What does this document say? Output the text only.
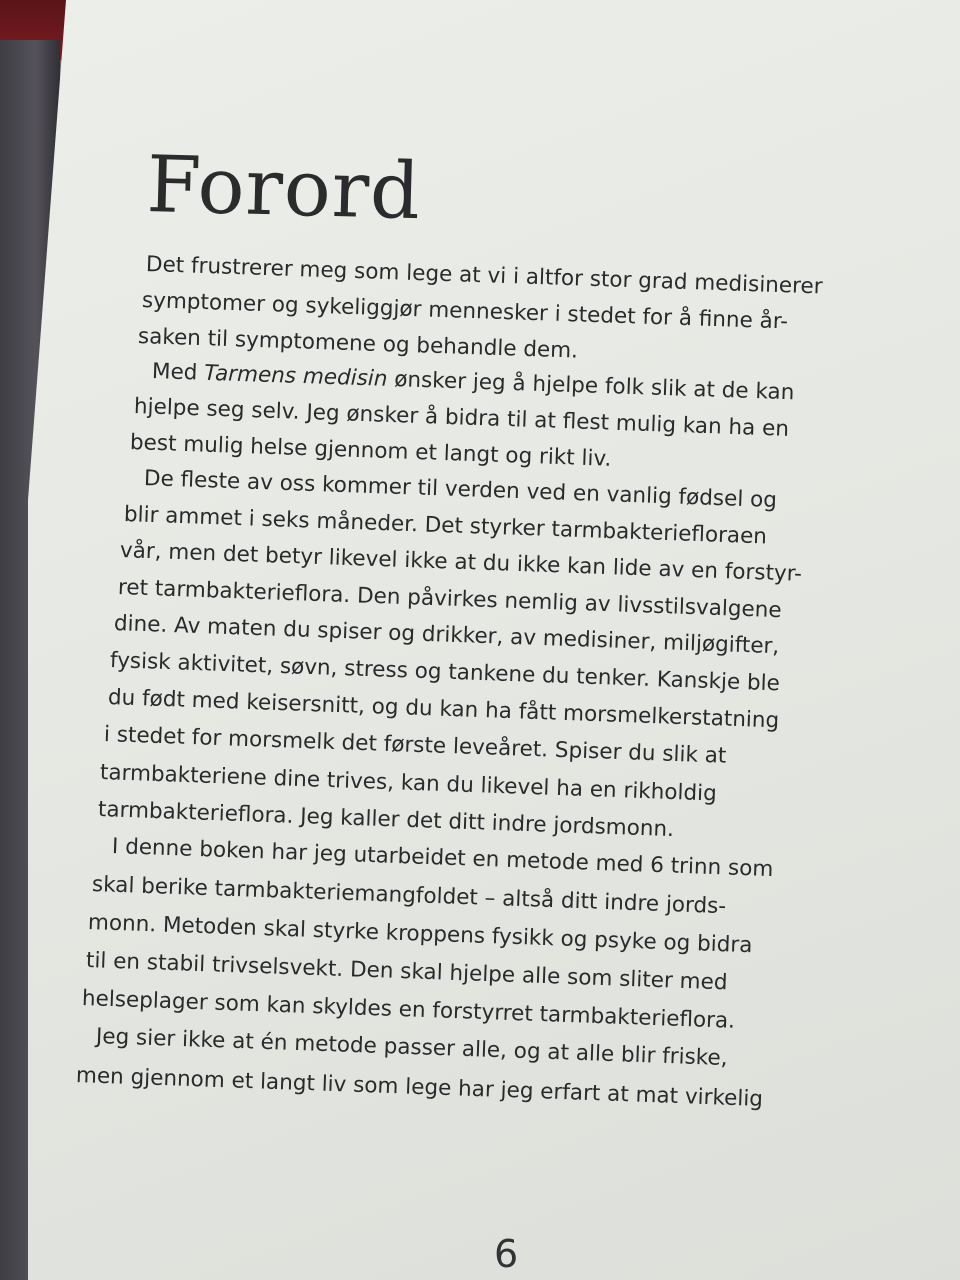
Forord
Det frustrerer meg som lege at vi i altfor stor grad medisinerer
symptomer og sykeliggjør mennesker i stedet for å finne år-
saken til symptomene og behandle dem.
Med Tarmens medisin ønsker jeg å hjelpe folk slik at de kan
hjelpe seg selv. Jeg ønsker å bidra til at flest mulig kan ha en
best mulig helse gjennom et langt og rikt liv.
De fleste av oss kommer til verden ved en vanlig fødsel og
blir ammet i seks måneder. Det styrker tarmbakteriefloraen
vår, men det betyr likevel ikke at du ikke kan lide av en forstyr-
ret tarmbakterieflora. Den påvirkes nemlig av livsstilsvalgene
dine. Av maten du spiser og drikker, av medisiner, miljøgifter,
fysisk aktivitet, søvn, stress og tankene du tenker. Kanskje ble
du født med keisersnitt, og du kan ha fått morsmelkerstatning
i stedet for morsmelk det første leveåret. Spiser du slik at
tarmbakteriene dine trives, kan du likevel ha en rikholdig
tarmbakterieflora. Jeg kaller det ditt indre jordsmonn.
I denne boken har jeg utarbeidet en metode med 6 trinn som
skal berike tarmbakteriemangfoldet – altså ditt indre jords-
monn. Metoden skal styrke kroppens fysikk og psyke og bidra
til en stabil trivselsvekt. Den skal hjelpe alle som sliter med
helseplager som kan skyldes en forstyrret tarmbakterieflora.
Jeg sier ikke at én metode passer alle, og at alle blir friske,
men gjennom et langt liv som lege har jeg erfart at mat virkelig
6
